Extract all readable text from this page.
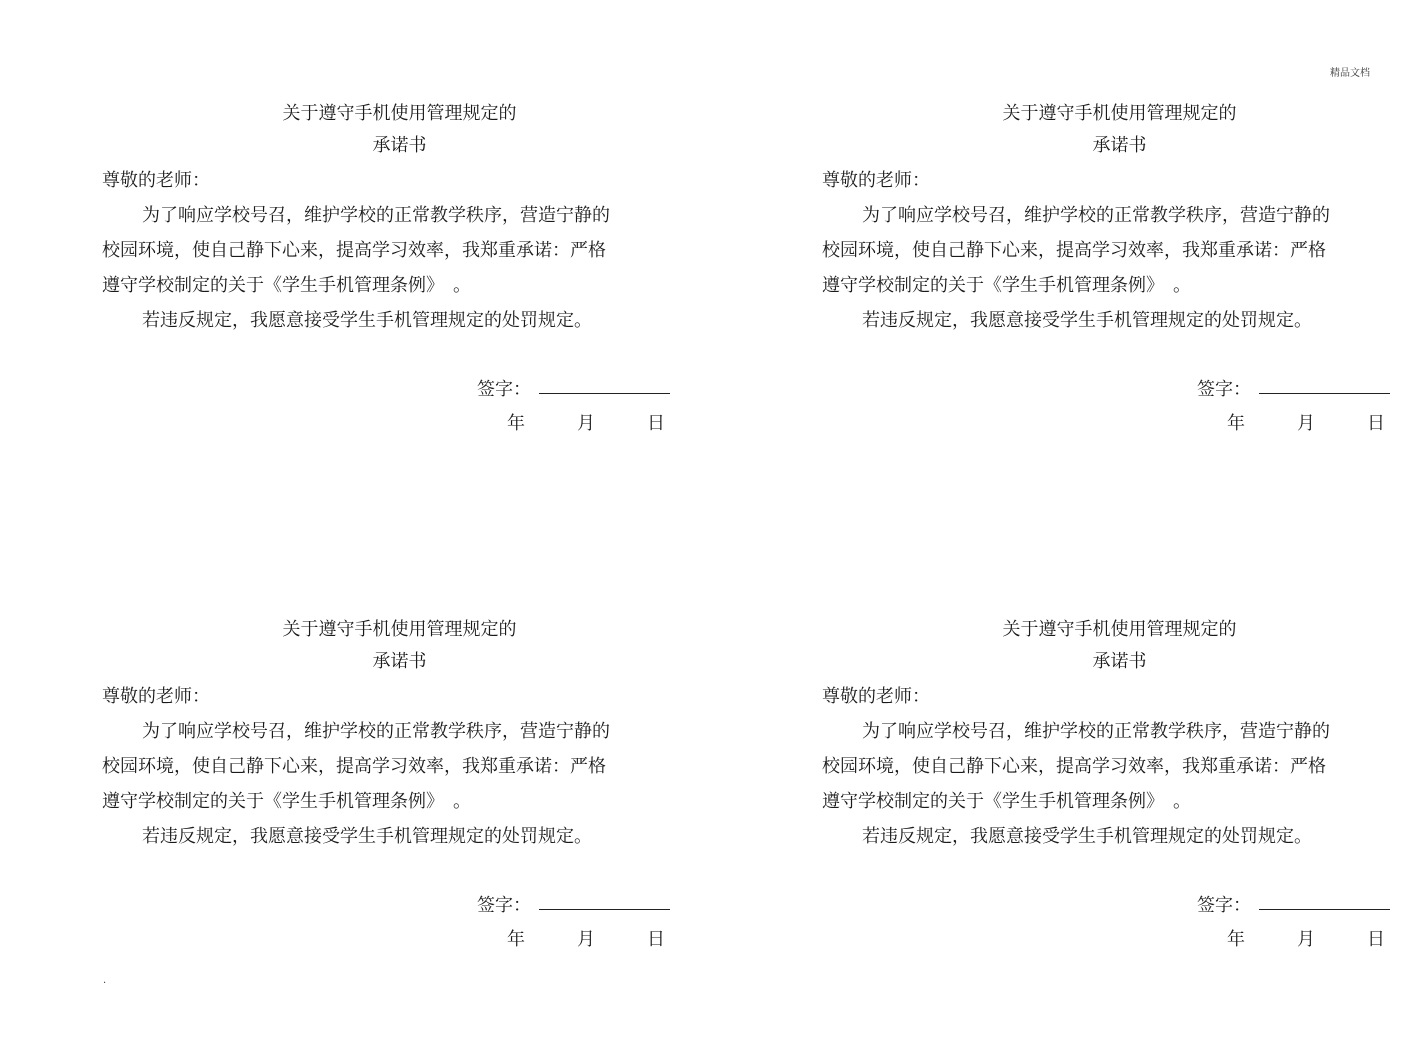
精品文档
关于遵守手机使用管理规定的
承诺书
尊敬的老师：
为了响应学校号召，维护学校的正常教学秩序，营造宁静的
校园环境，使自己静下心来，提高学习效率，我郑重承诺：严格
遵守学校制定的关于《学生手机管理条例》　。
若违反规定，我愿意接受学生手机管理规定的处罚规定。
签字：
年	月	日
关于遵守手机使用管理规定的
承诺书
尊敬的老师：
为了响应学校号召，维护学校的正常教学秩序，营造宁静的
校园环境，使自己静下心来，提高学习效率，我郑重承诺：严格
遵守学校制定的关于《学生手机管理条例》　。
若违反规定，我愿意接受学生手机管理规定的处罚规定。
签字：
年	月	日
关于遵守手机使用管理规定的
承诺书
尊敬的老师：
为了响应学校号召，维护学校的正常教学秩序，营造宁静的
校园环境，使自己静下心来，提高学习效率，我郑重承诺：严格
遵守学校制定的关于《学生手机管理条例》　。
若违反规定，我愿意接受学生手机管理规定的处罚规定。
签字：
年	月	日
关于遵守手机使用管理规定的
承诺书
尊敬的老师：
为了响应学校号召，维护学校的正常教学秩序，营造宁静的
校园环境，使自己静下心来，提高学习效率，我郑重承诺：严格
遵守学校制定的关于《学生手机管理条例》　。
若违反规定，我愿意接受学生手机管理规定的处罚规定。
签字：
年	月	日
.
